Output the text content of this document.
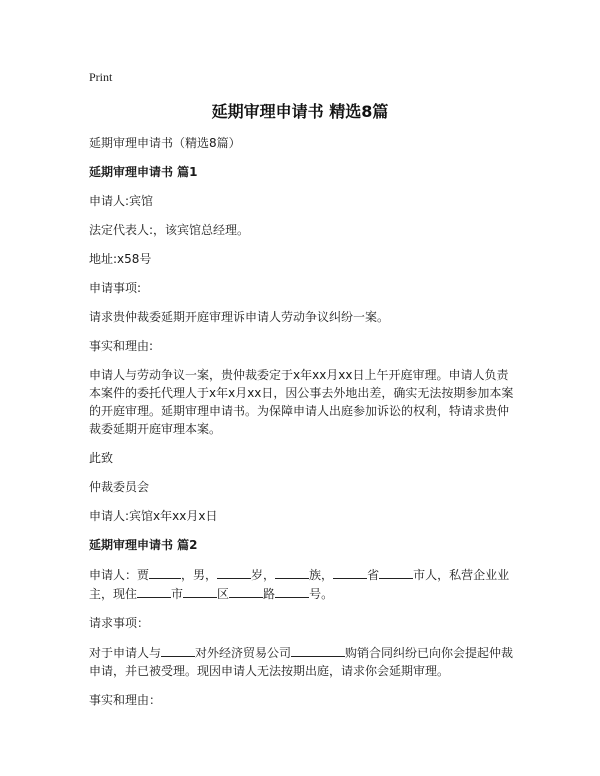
Print
延期审理申请书 精选8篇

延期审理申请书（精选8篇）

延期审理申请书 篇1

申请人:宾馆

法定代表人:，该宾馆总经理。

地址:x58号

申请事项:

请求贵仲裁委延期开庭审理诉申请人劳动争议纠纷一案。

事实和理由:

申请人与劳动争议一案，贵仲裁委定于x年xx月xx日上午开庭审理。申请人负责本案件的委托代理人于x年x月xx日，因公事去外地出差，确实无法按期参加本案的开庭审理。延期审理申请书。为保障申请人出庭参加诉讼的权利，特请求贵仲裁委延期开庭审理本案。

此致

仲裁委员会

申请人:宾馆x年xx月x日

延期审理申请书 篇2

申请人：贾	，男，	岁，	族，	省	市人，私营企业业主，现住	市	区	路	号。

请求事项：

对于申请人与	对外经济贸易公司	购销合同纠纷已向你会提起仲裁申请，并已被受理。现因申请人无法按期出庭，请求你会延期审理。

事实和理由：
